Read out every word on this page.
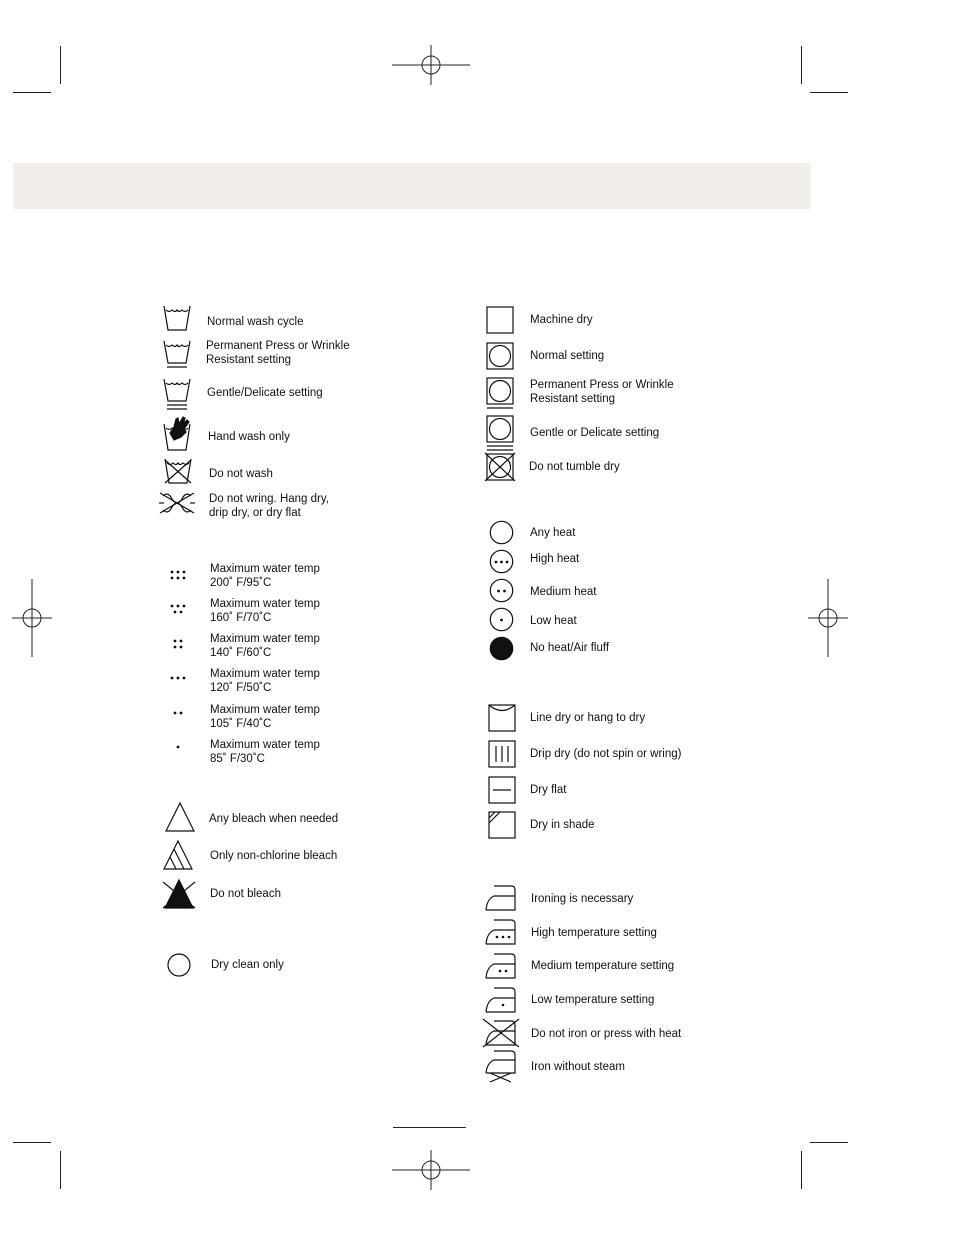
Normal wash cycle
Permanent Press or Wrinkle
Resistant setting
Gentle/Delicate setting
Hand wash only
Do not wash
Do not wring. Hang dry,
drip dry, or dry flat
Maximum water temp
200˚ F/95˚C
Maximum water temp
160˚ F/70˚C
Maximum water temp
140˚ F/60˚C
Maximum water temp
120˚ F/50˚C
Maximum water temp
105˚ F/40˚C
Maximum water temp
85˚ F/30˚C
Any bleach when needed
Only non-chlorine bleach
Do not bleach
Dry clean only
Machine dry
Normal setting
Permanent Press or Wrinkle
Resistant setting
Gentle or Delicate setting
Do not tumble dry
Any heat
High heat
Medium heat
Low heat
No heat/Air fluff
Line dry or hang to dry
Drip dry (do not spin or wring)
Dry flat
Dry in shade
Ironing is necessary
High temperature setting
Medium temperature setting
Low temperature setting
Do not iron or press with heat
Iron without steam
